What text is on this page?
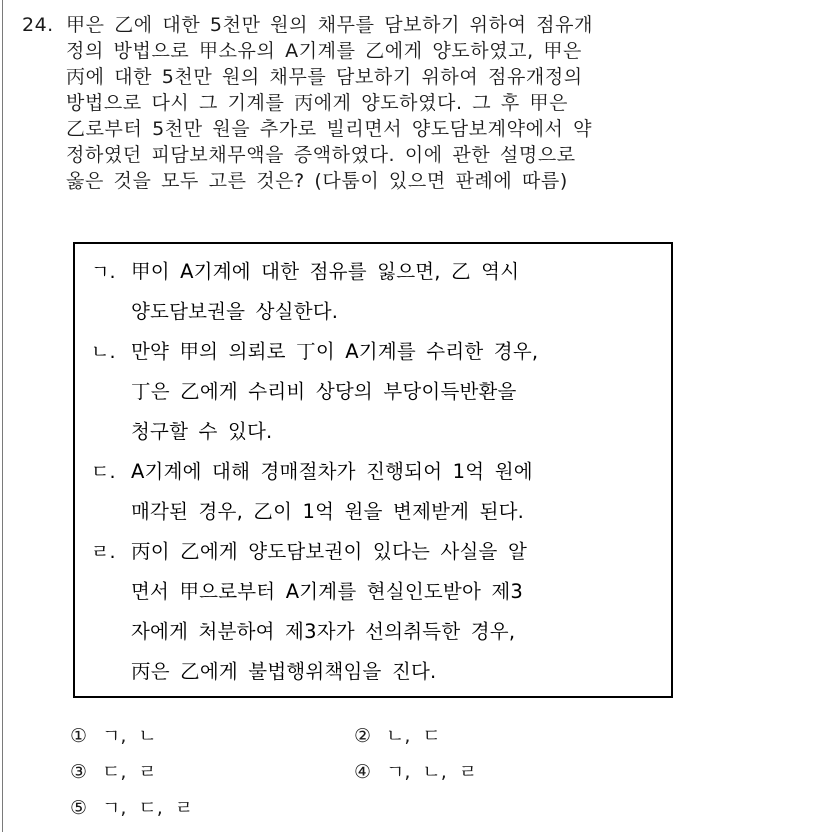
24. 甲은 乙에 대한 5천만 원의 채무를 담보하기 위하여 점유개
정의 방법으로 甲소유의 A기계를 乙에게 양도하였고, 甲은
丙에 대한 5천만 원의 채무를 담보하기 위하여 점유개정의
방법으로 다시 그 기계를 丙에게 양도하였다. 그 후 甲은
乙로부터 5천만 원을 추가로 빌리면서 양도담보계약에서 약
정하였던 피담보채무액을 증액하였다. 이에 관한 설명으로
옳은 것을 모두 고른 것은? (다툼이 있으면 판례에 따름)
ㄱ. 甲이 A기계에 대한 점유를 잃으면, 乙 역시
양도담보권을 상실한다.
ㄴ. 만약 甲의 의뢰로 丁이 A기계를 수리한 경우,
丁은 乙에게 수리비 상당의 부당이득반환을
청구할 수 있다.
ㄷ. A기계에 대해 경매절차가 진행되어 1억 원에
매각된 경우, 乙이 1억 원을 변제받게 된다.
ㄹ. 丙이 乙에게 양도담보권이 있다는 사실을 알
면서 甲으로부터 A기계를 현실인도받아 제3
자에게 처분하여 제3자가 선의취득한 경우,
丙은 乙에게 불법행위책임을 진다.
① ㄱ, ㄴ	② ㄴ, ㄷ
③ ㄷ, ㄹ	④ ㄱ, ㄴ, ㄹ
⑤ ㄱ, ㄷ, ㄹ
